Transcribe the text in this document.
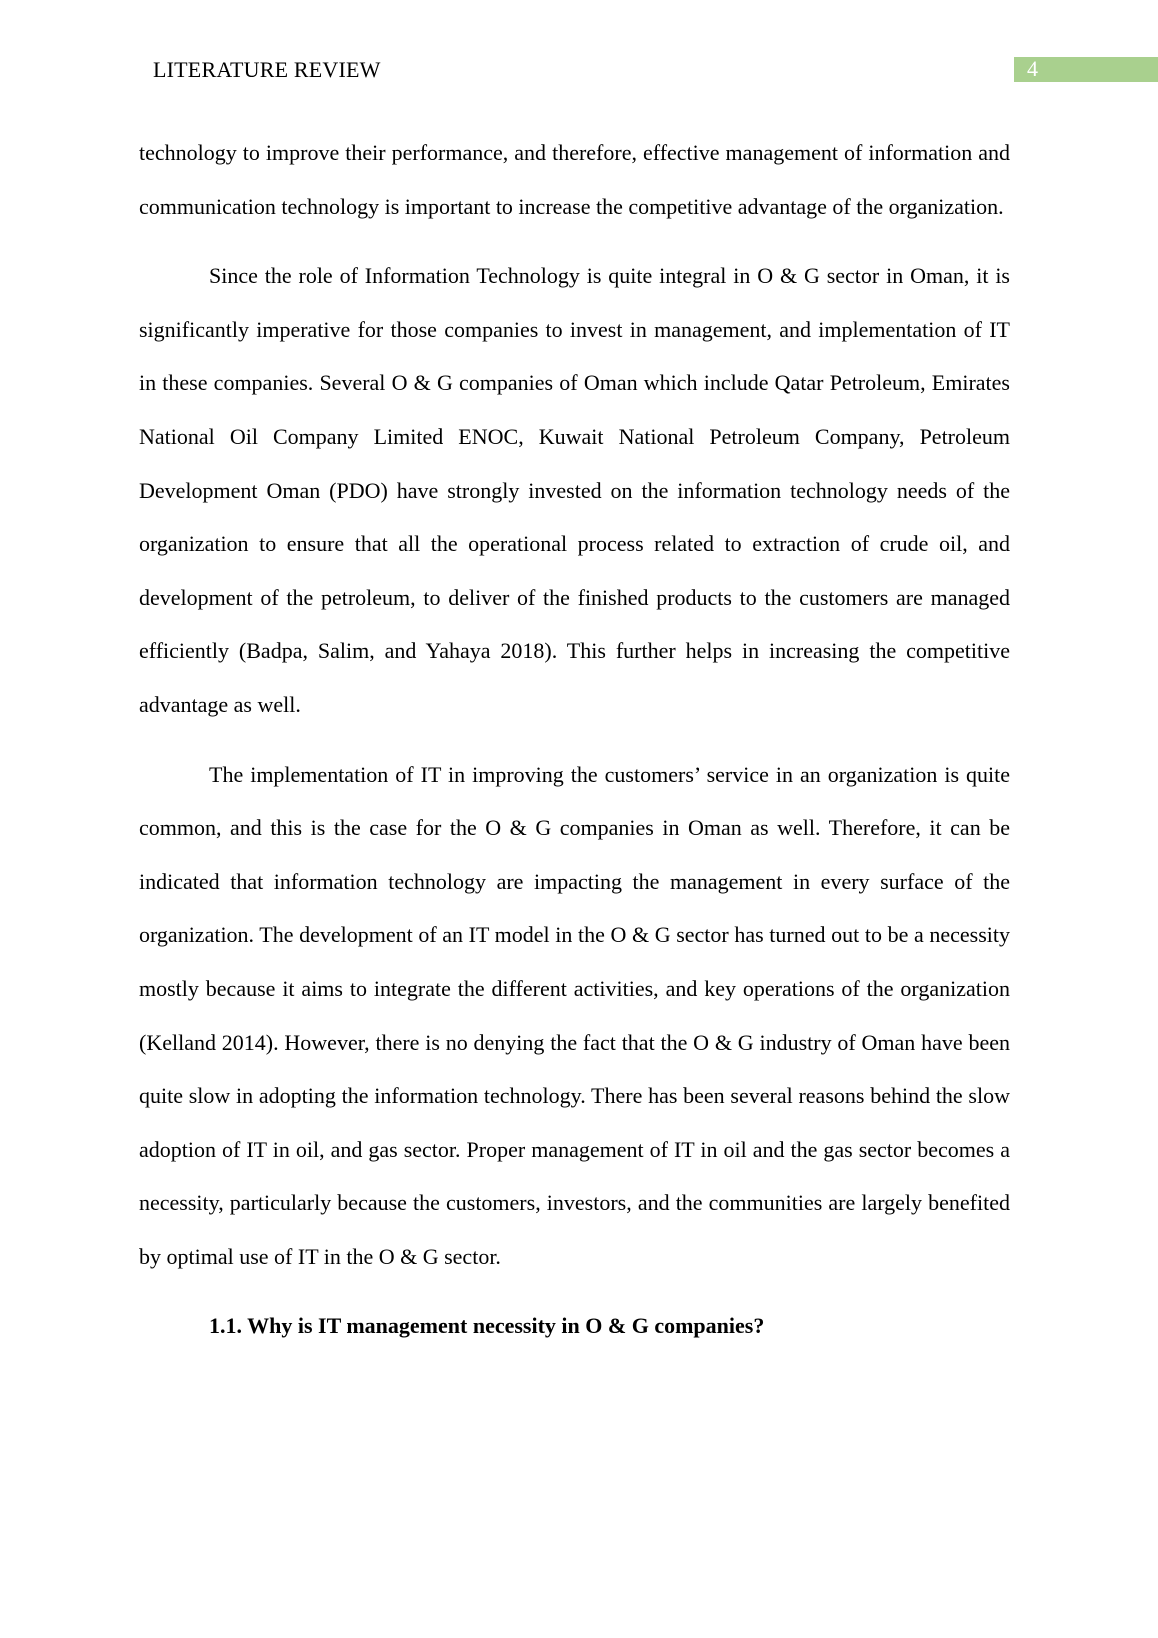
LITERATURE REVIEW	4

technology to improve their performance, and therefore, effective management of information and communication technology is important to increase the competitive advantage of the organization.

Since the role of Information Technology is quite integral in O & G sector in Oman, it is significantly imperative for those companies to invest in management, and implementation of IT in these companies. Several O & G companies of Oman which include Qatar Petroleum, Emirates National Oil Company Limited ENOC, Kuwait National Petroleum Company, Petroleum Development Oman (PDO) have strongly invested on the information technology needs of the organization to ensure that all the operational process related to extraction of crude oil, and development of the petroleum, to deliver of the finished products to the customers are managed efficiently (Badpa, Salim, and Yahaya 2018). This further helps in increasing the competitive advantage as well.

The implementation of IT in improving the customers’ service in an organization is quite common, and this is the case for the O & G companies in Oman as well. Therefore, it can be indicated that information technology are impacting the management in every surface of the organization. The development of an IT model in the O & G sector has turned out to be a necessity mostly because it aims to integrate the different activities, and key operations of the organization (Kelland 2014). However, there is no denying the fact that the O & G industry of Oman have been quite slow in adopting the information technology. There has been several reasons behind the slow adoption of IT in oil, and gas sector. Proper management of IT in oil and the gas sector becomes a necessity, particularly because the customers, investors, and the communities are largely benefited by optimal use of IT in the O & G sector.

1.1. Why is IT management necessity in O & G companies?
